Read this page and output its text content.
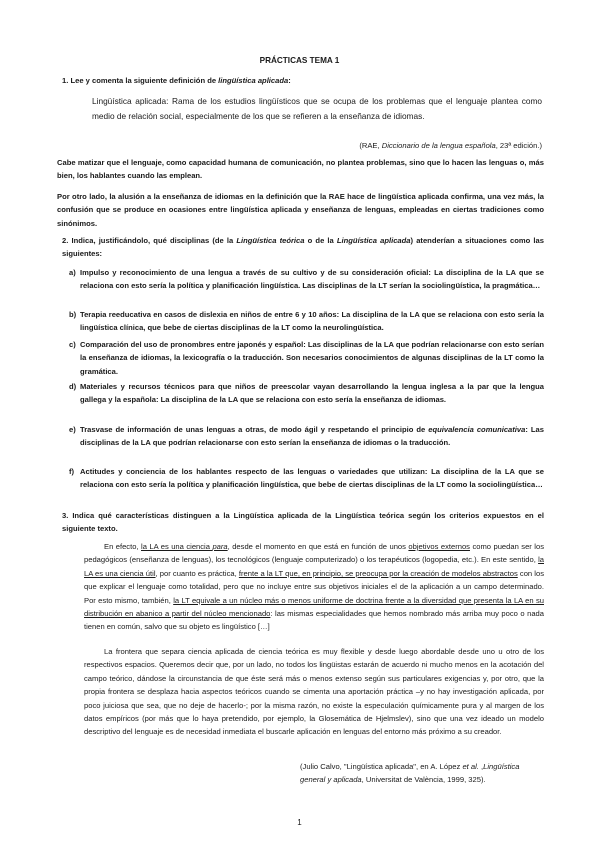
PRÁCTICAS TEMA 1

1. Lee y comenta la siguiente definición de lingüística aplicada:

Lingüística aplicada: Rama de los estudios lingüísticos que se ocupa de los problemas que el lenguaje plantea como medio de relación social, especialmente de los que se refieren a la enseñanza de idiomas.

(RAE, Diccionario de la lengua española, 23ª edición.)

Cabe matizar que el lenguaje, como capacidad humana de comunicación, no plantea problemas, sino que lo hacen las lenguas o, más bien, los hablantes cuando las emplean.

Por otro lado, la alusión a la enseñanza de idiomas en la definición que la RAE hace de lingüística aplicada confirma, una vez más, la confusión que se produce en ocasiones entre lingüística aplicada y enseñanza de lenguas, empleadas en ciertas tradiciones como sinónimos.

2. Indica, justificándolo, qué disciplinas (de la Lingüística teórica o de la Lingüística aplicada) atenderían a situaciones como las siguientes:

a) Impulso y reconocimiento de una lengua a través de su cultivo y de su consideración oficial: La disciplina de la LA que se relaciona con esto sería la política y planificación lingüística. Las disciplinas de la LT serían la sociolingüística, la pragmática…
b) Terapia reeducativa en casos de dislexia en niños de entre 6 y 10 años: La disciplina de la LA que se relaciona con esto sería la lingüística clínica, que bebe de ciertas disciplinas de la LT como la neurolingüística.
c) Comparación del uso de pronombres entre japonés y español: Las disciplinas de la LA que podrían relacionarse con esto serían la enseñanza de idiomas, la lexicografía o la traducción. Son necesarios conocimientos de algunas disciplinas de la LT como la gramática.
d) Materiales y recursos técnicos para que niños de preescolar vayan desarrollando la lengua inglesa a la par que la lengua gallega y la española: La disciplina de la LA que se relaciona con esto sería la enseñanza de idiomas.
e) Trasvase de información de unas lenguas a otras, de modo ágil y respetando el principio de equivalencia comunicativa: Las disciplinas de la LA que podrían relacionarse con esto serían la enseñanza de idiomas o la traducción.
f) Actitudes y conciencia de los hablantes respecto de las lenguas o variedades que utilizan: La disciplina de la LA que se relaciona con esto sería la política y planificación lingüística, que bebe de ciertas disciplinas de la LT como la sociolingüística…

3. Indica qué características distinguen a la Lingüística aplicada de la Lingüística teórica según los criterios expuestos en el siguiente texto.

En efecto, la LA es una ciencia para, desde el momento en que está en función de unos objetivos externos como puedan ser los pedagógicos (enseñanza de lenguas), los tecnológicos (lenguaje computerizado) o los terapéuticos (logopedia, etc.). En este sentido, la LA es una ciencia útil, por cuanto es práctica, frente a la LT que, en principio, se preocupa por la creación de modelos abstractos con los que explicar el lenguaje como totalidad, pero que no incluye entre sus objetivos iniciales el de la aplicación a un campo determinado. Por esto mismo, también, la LT equivale a un núcleo más o menos uniforme de doctrina frente a la diversidad que presenta la LA en su distribución en abanico a partir del núcleo mencionado: las mismas especialidades que hemos nombrado más arriba muy poco o nada tienen en común, salvo que su objeto es lingüístico […]

La frontera que separa ciencia aplicada de ciencia teórica es muy flexible y desde luego abordable desde uno u otro de los respectivos espacios. Queremos decir que, por un lado, no todos los lingüistas estarán de acuerdo ni mucho menos en la acotación del campo teórico, dándose la circunstancia de que éste será más o menos extenso según sus particulares exigencias y, por otro, que la propia frontera se desplaza hacia aspectos teóricos cuando se cimenta una aportación práctica –y no hay investigación aplicada, por poco juiciosa que sea, que no deje de hacerlo-; por la misma razón, no existe la especulación químicamente pura y al margen de los datos empíricos (por más que lo haya pretendido, por ejemplo, la Glosemática de Hjelmslev), sino que una vez ideado un modelo descriptivo del lenguaje es de necesidad inmediata el buscarle aplicación en lenguas del entorno más próximo a su creador.

(Julio Calvo, "Lingüística aplicada", en A. López et al. ,Lingüística general y aplicada, Universitat de València, 1999, 325).

1
